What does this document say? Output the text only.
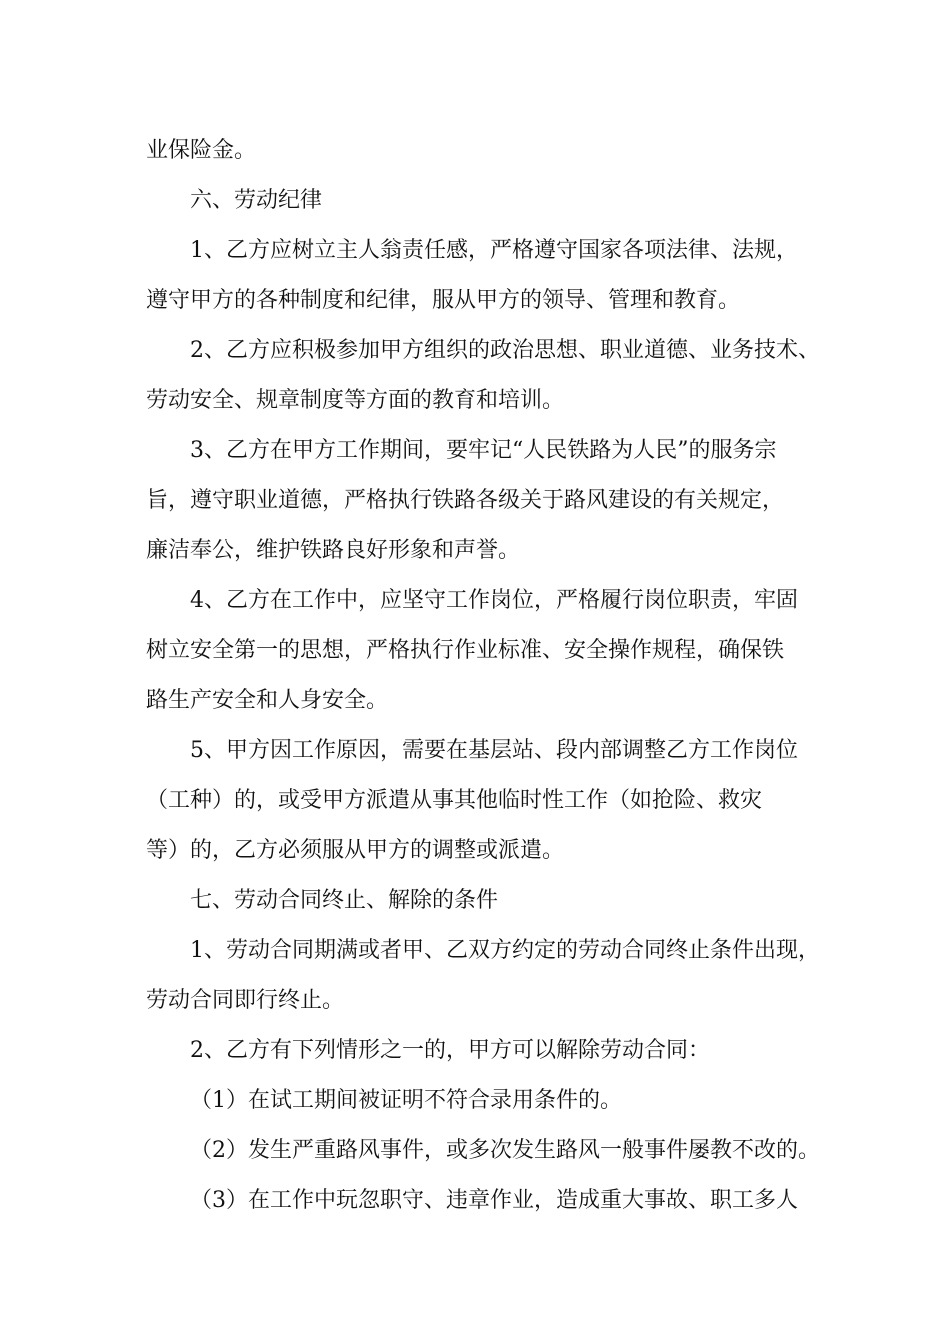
业保险金。
六、劳动纪律
1、乙方应树立主人翁责任感，严格遵守国家各项法律、法规，
遵守甲方的各种制度和纪律，服从甲方的领导、管理和教育。
2、乙方应积极参加甲方组织的政治思想、职业道德、业务技术、
劳动安全、规章制度等方面的教育和培训。
3、乙方在甲方工作期间，要牢记“人民铁路为人民”的服务宗
旨，遵守职业道德，严格执行铁路各级关于路风建设的有关规定，
廉洁奉公，维护铁路良好形象和声誉。
4、乙方在工作中，应坚守工作岗位，严格履行岗位职责，牢固
树立安全第一的思想，严格执行作业标准、安全操作规程，确保铁
路生产安全和人身安全。
5、甲方因工作原因，需要在基层站、段内部调整乙方工作岗位
（工种）的，或受甲方派遣从事其他临时性工作（如抢险、救灾
等）的，乙方必须服从甲方的调整或派遣。
七、劳动合同终止、解除的条件
1、劳动合同期满或者甲、乙双方约定的劳动合同终止条件出现，
劳动合同即行终止。
2、乙方有下列情形之一的，甲方可以解除劳动合同：
（1）在试工期间被证明不符合录用条件的。
（2）发生严重路风事件，或多次发生路风一般事件屡教不改的。
（3）在工作中玩忽职守、违章作业，造成重大事故、职工多人
